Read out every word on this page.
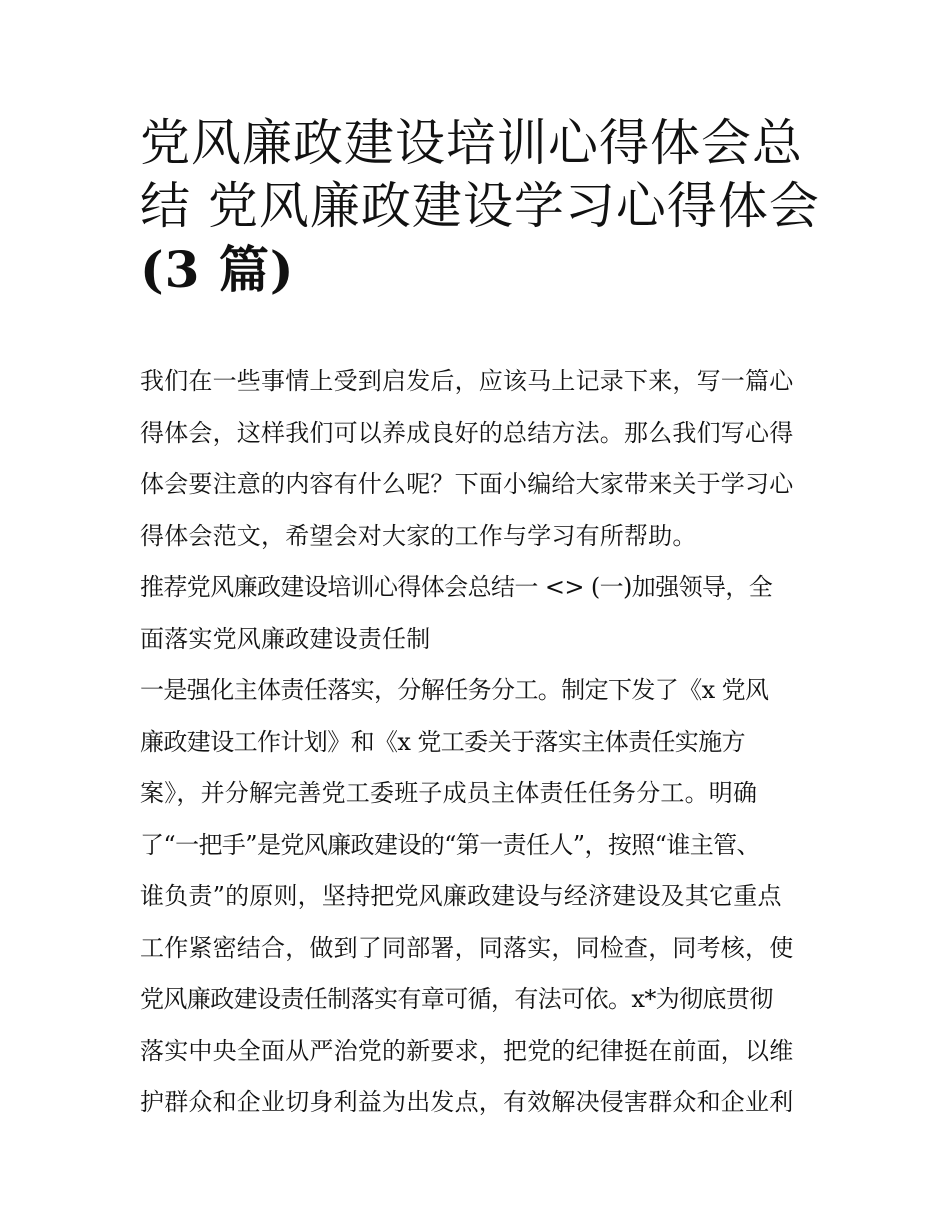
党风廉政建设培训心得体会总
结 党风廉政建设学习心得体会
(3 篇)
我们在一些事情上受到启发后，应该马上记录下来，写一篇心
得体会，这样我们可以养成良好的总结方法。那么我们写心得
体会要注意的内容有什么呢？下面小编给大家带来关于学习心
得体会范文，希望会对大家的工作与学习有所帮助。
推荐党风廉政建设培训心得体会总结一 <> (一)加强领导，全
面落实党风廉政建设责任制
一是强化主体责任落实，分解任务分工。制定下发了《x 党风
廉政建设工作计划》和《x 党工委关于落实主体责任实施方
案》，并分解完善党工委班子成员主体责任任务分工。明确
了“一把手”是党风廉政建设的“第一责任人”，按照“谁主管、
谁负责”的原则，坚持把党风廉政建设与经济建设及其它重点
工作紧密结合，做到了同部署，同落实，同检查，同考核，使
党风廉政建设责任制落实有章可循，有法可依。x*为彻底贯彻
落实中央全面从严治党的新要求，把党的纪律挺在前面，以维
护群众和企业切身利益为出发点，有效解决侵害群众和企业利
